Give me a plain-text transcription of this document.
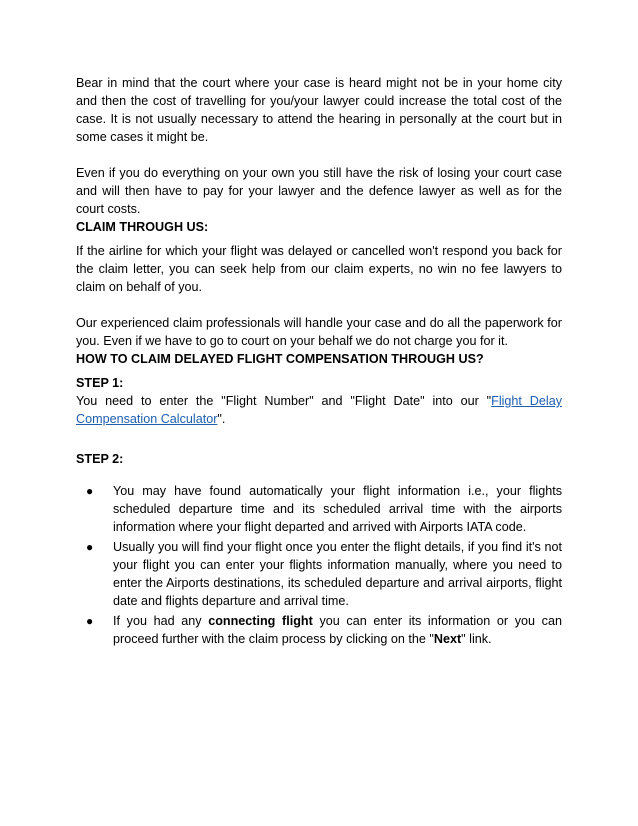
Bear in mind that the court where your case is heard might not be in your home city and then the cost of travelling for you/your lawyer could increase the total cost of the case. It is not usually necessary to attend the hearing in personally at the court but in some cases it might be.

Even if you do everything on your own you still have the risk of losing your court case and will then have to pay for your lawyer and the defence lawyer as well as for the court costs.

CLAIM THROUGH US:

If the airline for which your flight was delayed or cancelled won't respond you back for the claim letter, you can seek help from our claim experts, no win no fee lawyers to claim on behalf of you.

Our experienced claim professionals will handle your case and do all the paperwork for you. Even if we have to go to court on your behalf we do not charge you for it.

HOW TO CLAIM DELAYED FLIGHT COMPENSATION THROUGH US?

STEP 1:

You need to enter the "Flight Number" and "Flight Date" into our "Flight Delay Compensation Calculator".

STEP 2:

● You may have found automatically your flight information i.e., your flights scheduled departure time and its scheduled arrival time with the airports information where your flight departed and arrived with Airports IATA code.
● Usually you will find your flight once you enter the flight details, if you find it's not your flight you can enter your flights information manually, where you need to enter the Airports destinations, its scheduled departure and arrival airports, flight date and flights departure and arrival time.
● If you had any connecting flight you can enter its information or you can proceed further with the claim process by clicking on the "Next" link.
